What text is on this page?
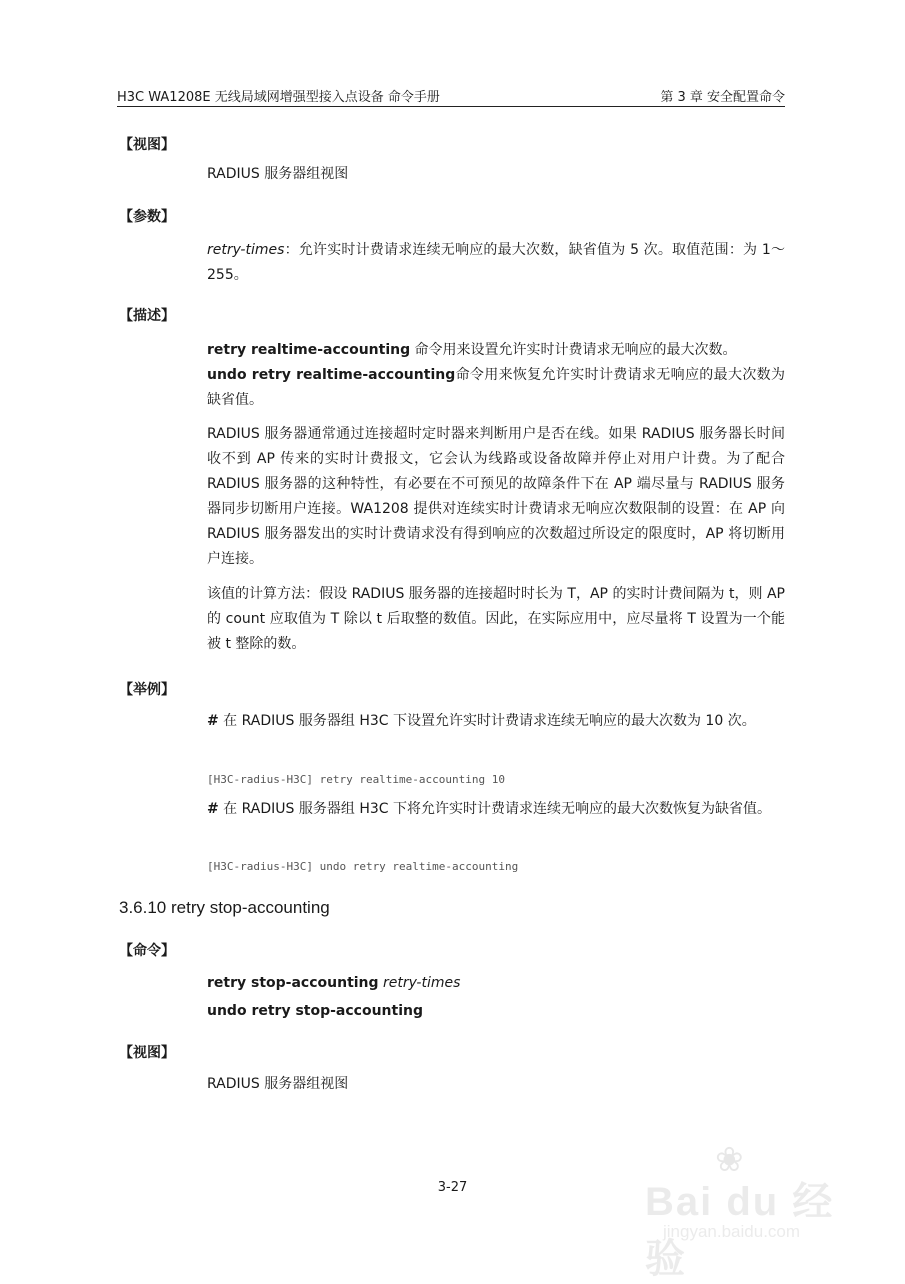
H3C WA1208E 无线局域网增强型接入点设备 命令手册	第 3 章 安全配置命令
【视图】
RADIUS 服务器组视图
【参数】
retry-times：允许实时计费请求连续无响应的最大次数，缺省值为 5 次。取值范围：为 1～255。
【描述】
retry realtime-accounting 命令用来设置允许实时计费请求无响应的最大次数。
undo retry realtime-accounting命令用来恢复允许实时计费请求无响应的最大次数为缺省值。
RADIUS 服务器通常通过连接超时定时器来判断用户是否在线。如果 RADIUS 服务器长时间收不到 AP 传来的实时计费报文，它会认为线路或设备故障并停止对用户计费。为了配合 RADIUS 服务器的这种特性，有必要在不可预见的故障条件下在 AP 端尽量与 RADIUS 服务器同步切断用户连接。WA1208 提供对连续实时计费请求无响应次数限制的设置：在 AP 向 RADIUS 服务器发出的实时计费请求没有得到响应的次数超过所设定的限度时，AP 将切断用户连接。
该值的计算方法：假设 RADIUS 服务器的连接超时时长为 T，AP 的实时计费间隔为 t，则 AP 的 count 应取值为 T 除以 t 后取整的数值。因此，在实际应用中，应尽量将 T 设置为一个能被 t 整除的数。
【举例】
# 在 RADIUS 服务器组 H3C 下设置允许实时计费请求连续无响应的最大次数为 10 次。
[H3C-radius-H3C] retry realtime-accounting 10
# 在 RADIUS 服务器组 H3C 下将允许实时计费请求连续无响应的最大次数恢复为缺省值。
[H3C-radius-H3C] undo retry realtime-accounting
3.6.10 retry stop-accounting
【命令】
retry stop-accounting retry-times
undo retry stop-accounting
【视图】
RADIUS 服务器组视图
3-27
❀
Bai du 经验
jingyan.baidu.com
